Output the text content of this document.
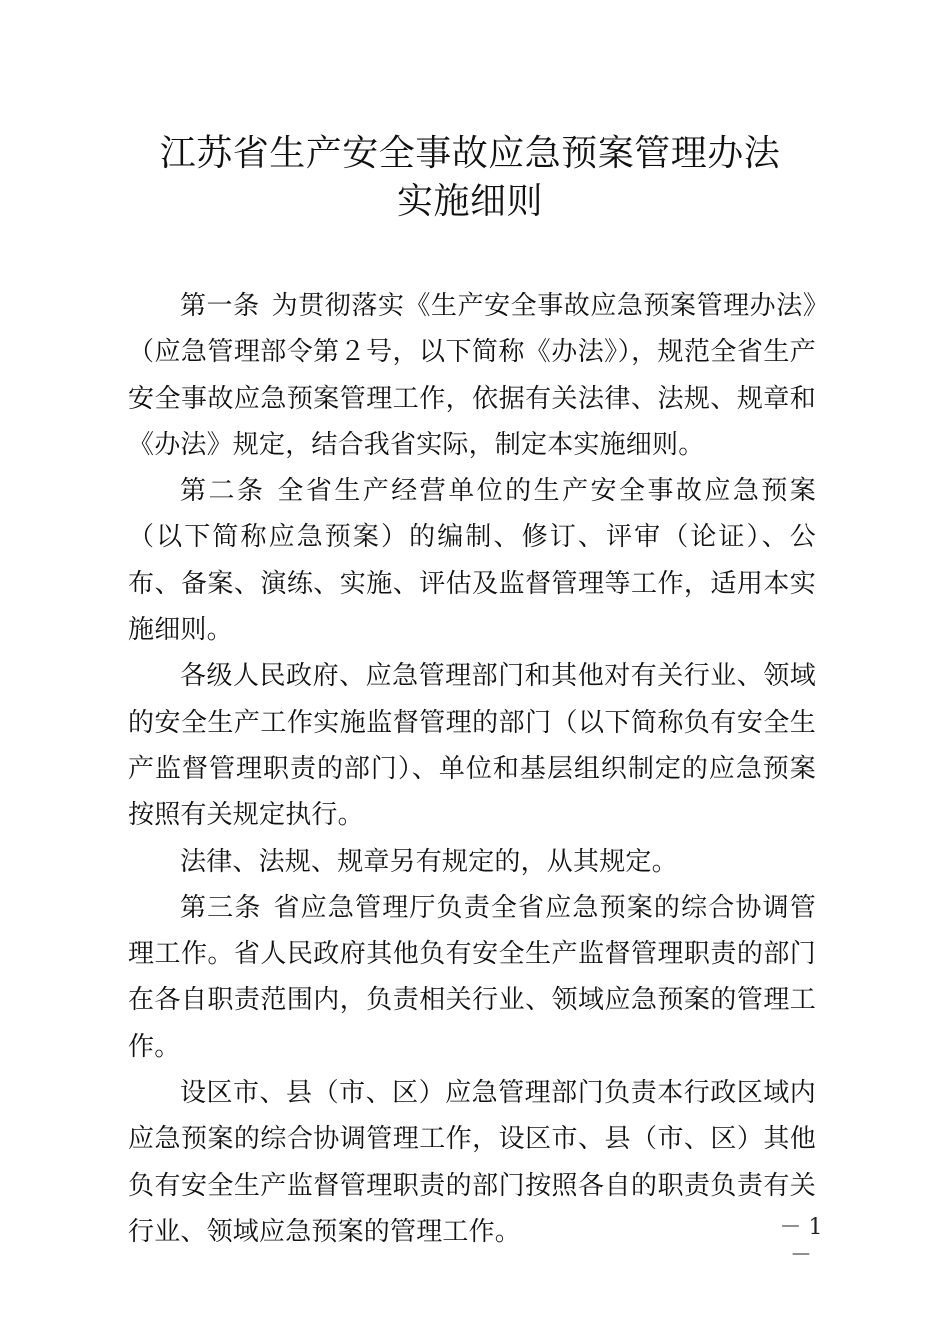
江苏省生产安全事故应急预案管理办法
实施细则

第一条 为贯彻落实《生产安全事故应急预案管理办法》（应急管理部令第２号，以下简称《办法》），规范全省生产安全事故应急预案管理工作，依据有关法律、法规、规章和《办法》规定，结合我省实际，制定本实施细则。

第二条 全省生产经营单位的生产安全事故应急预案（以下简称应急预案）的编制、修订、评审（论证）、公布、备案、演练、实施、评估及监督管理等工作，适用本实施细则。

各级人民政府、应急管理部门和其他对有关行业、领域的安全生产工作实施监督管理的部门（以下简称负有安全生产监督管理职责的部门）、单位和基层组织制定的应急预案按照有关规定执行。

法律、法规、规章另有规定的，从其规定。

第三条 省应急管理厅负责全省应急预案的综合协调管理工作。省人民政府其他负有安全生产监督管理职责的部门在各自职责范围内，负责相关行业、领域应急预案的管理工作。

设区市、县（市、区）应急管理部门负责本行政区域内应急预案的综合协调管理工作，设区市、县（市、区）其他负有安全生产监督管理职责的部门按照各自的职责负责有关行业、领域应急预案的管理工作。	－ 1 －
